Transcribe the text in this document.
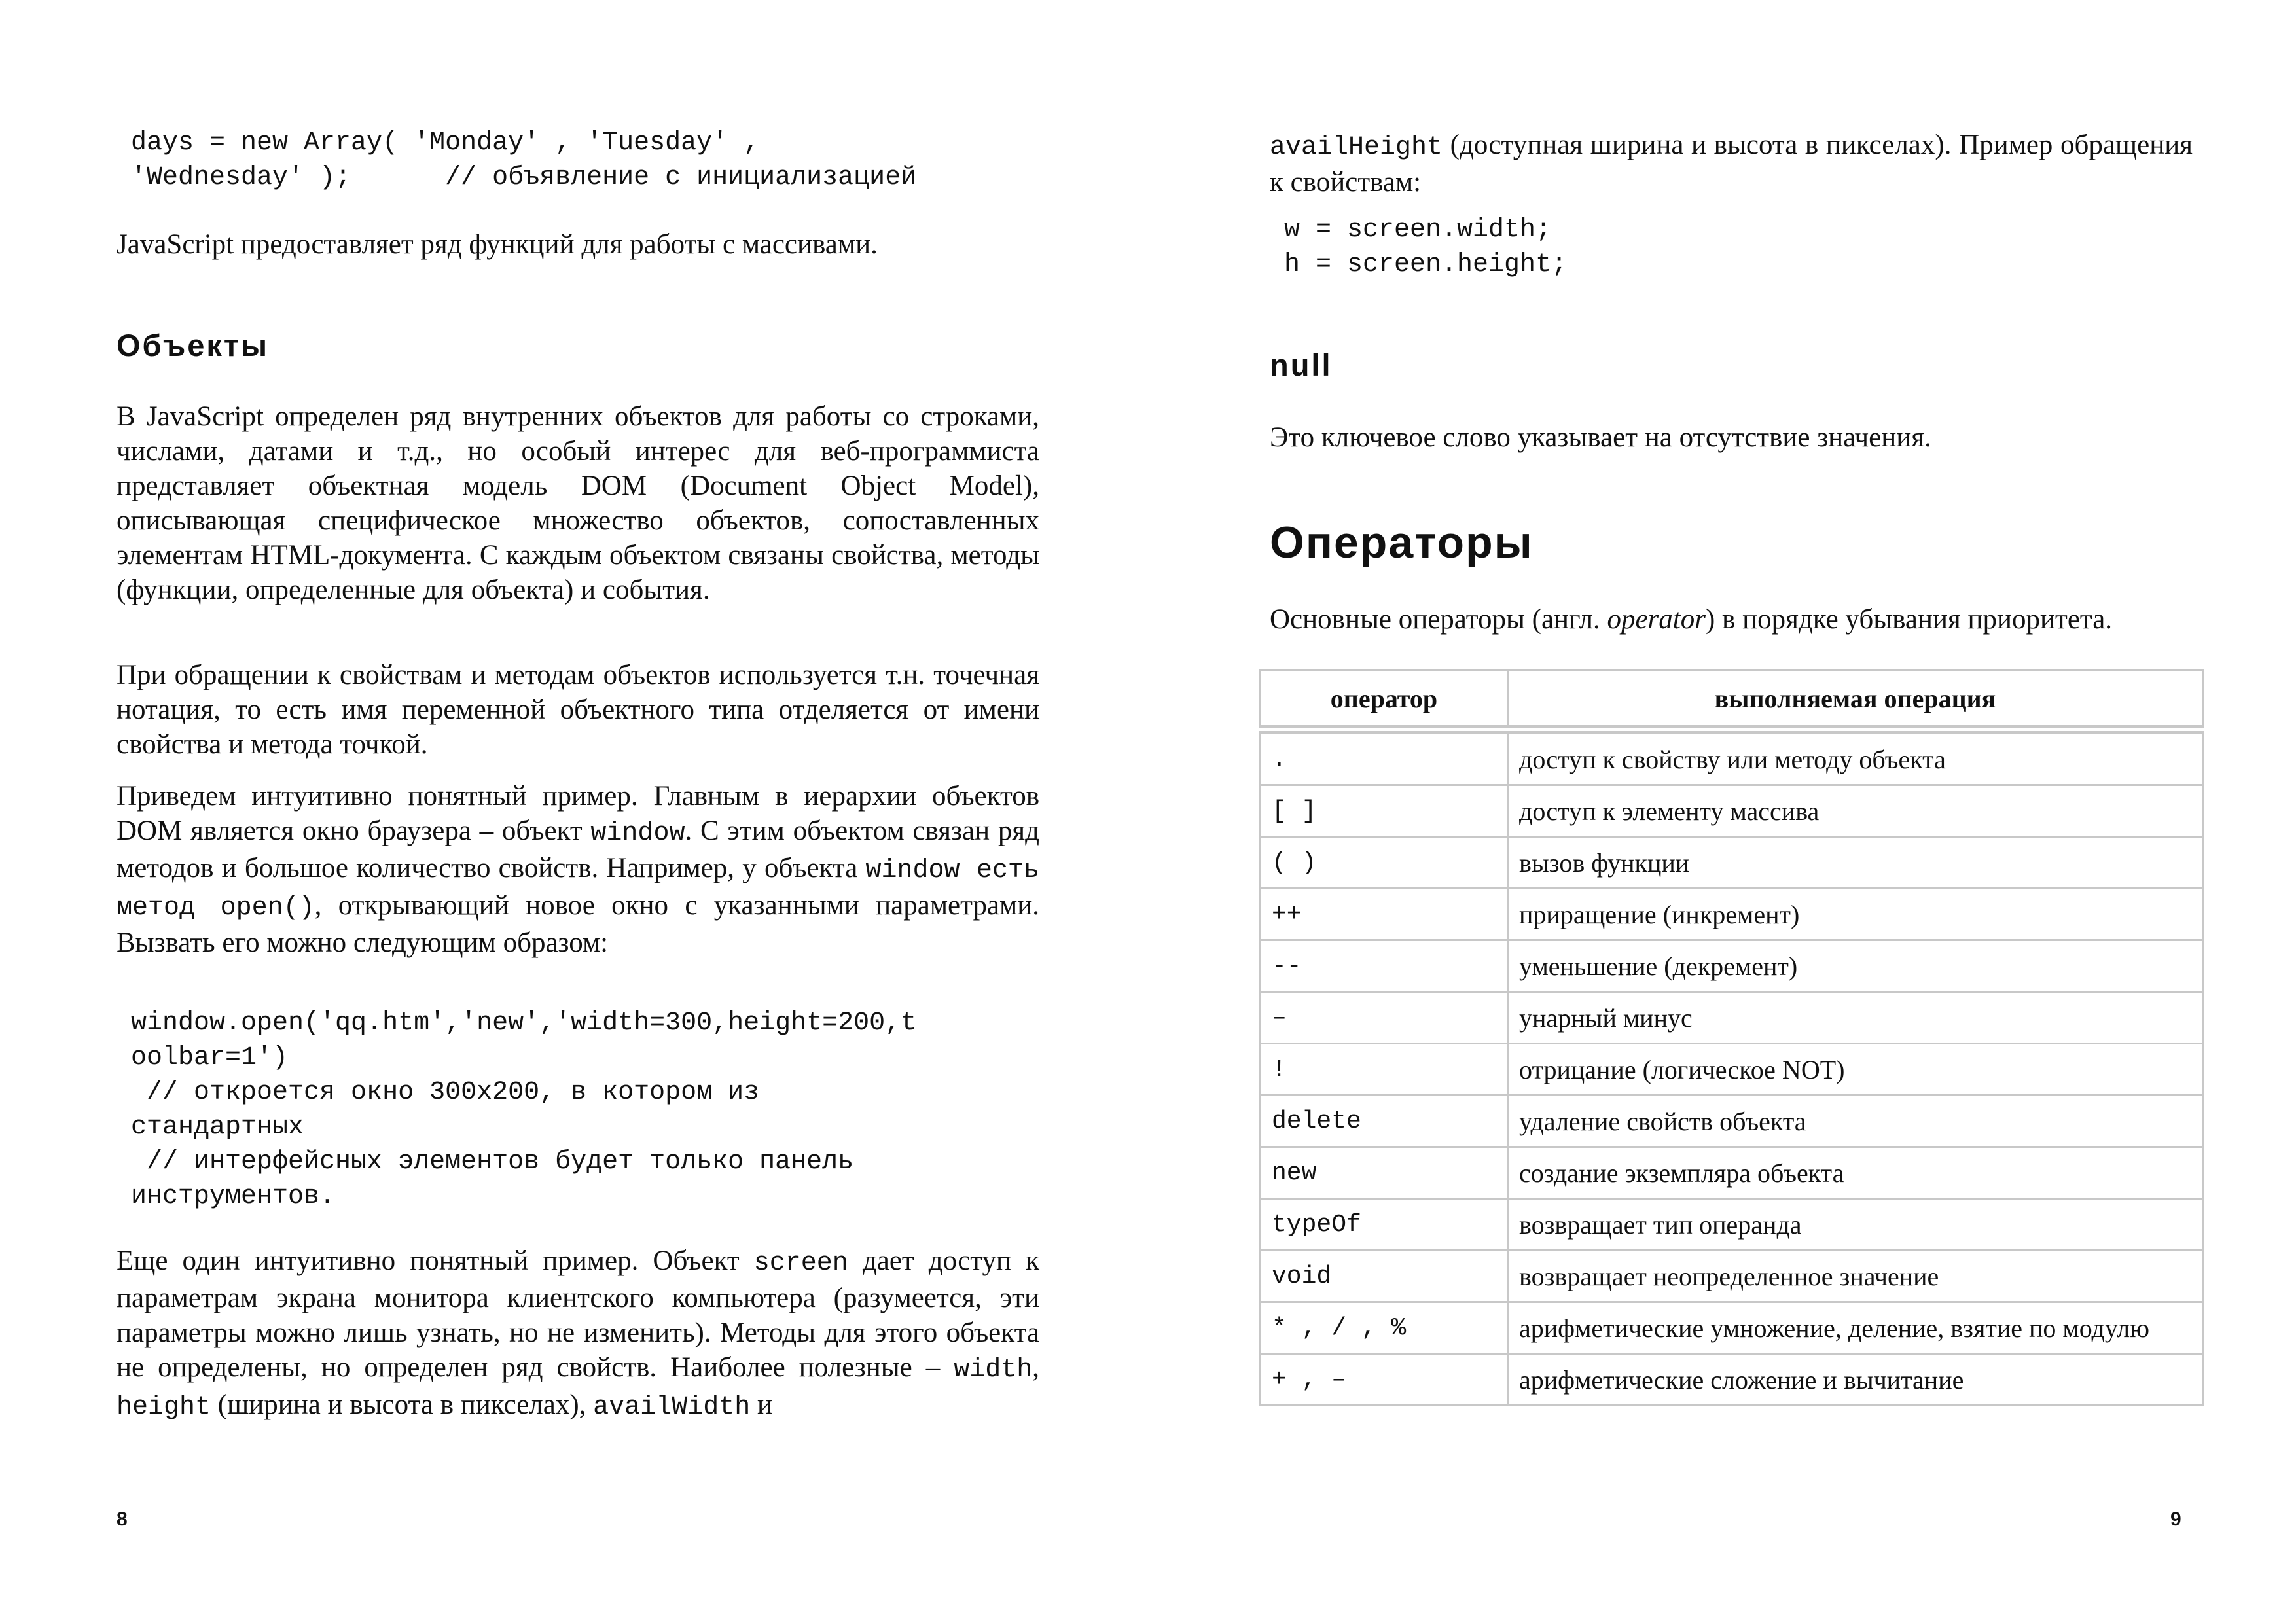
days = new Array( 'Monday' , 'Tuesday' ,
'Wednesday' );      // объявление с инициализацией

JavaScript предоставляет ряд функций для работы с массивами.

Объекты

В JavaScript определен ряд внутренних объектов для работы со строками, числами, датами и т.д., но особый интерес для веб-программиста представляет объектная модель DOM (Document Object Model), описывающая специфическое множество объектов, сопоставленных элементам HTML-документа. С каждым объектом связаны свойства, методы (функции, определенные для объекта) и события.

При обращении к свойствам и методам объектов используется т.н. точечная нотация, то есть имя переменной объектного типа отделяется от имени свойства и метода точкой.

Приведем интуитивно понятный пример. Главным в иерархии объектов DOM является окно браузера – объект window. С этим объектом связан ряд методов и большое количество свойств. Например, у объекта window есть метод open(), открывающий новое окно с указанными параметрами. Вызвать его можно следующим образом:

window.open('qq.htm','new','width=300,height=200,t
oolbar=1')
// откроется окно 300x200, в котором из
стандартных
// интерфейсных элементов будет только панель
инструментов.

Еще один интуитивно понятный пример. Объект screen дает доступ к параметрам экрана монитора клиентского компьютера (разумеется, эти параметры можно лишь узнать, но не изменить). Методы для этого объекта не определены, но определен ряд свойств. Наиболее полезные – width, height (ширина и высота в пикселах), availWidth и

8

availHeight (доступная ширина и высота в пикселах). Пример обращения к свойствам:

w = screen.width;
h = screen.height;
null

Это ключевое слово указывает на отсутствие значения.

Операторы

Основные операторы (англ. operator) в порядке убывания приоритета.

оператор	выполняемая операция
.	доступ к свойству или методу объекта
[ ]	доступ к элементу массива
( )	вызов функции
++	приращение (инкремент)
--	уменьшение (декремент)
–	унарный минус
!	отрицание (логическое NOT)
delete	удаление свойств объекта
new	создание экземпляра объекта
typeOf	возвращает тип операнда
void	возвращает неопределенное значение
* , / , %	арифметические умножение, деление, взятие по модулю
+ , –	арифметические сложение и вычитание
9
